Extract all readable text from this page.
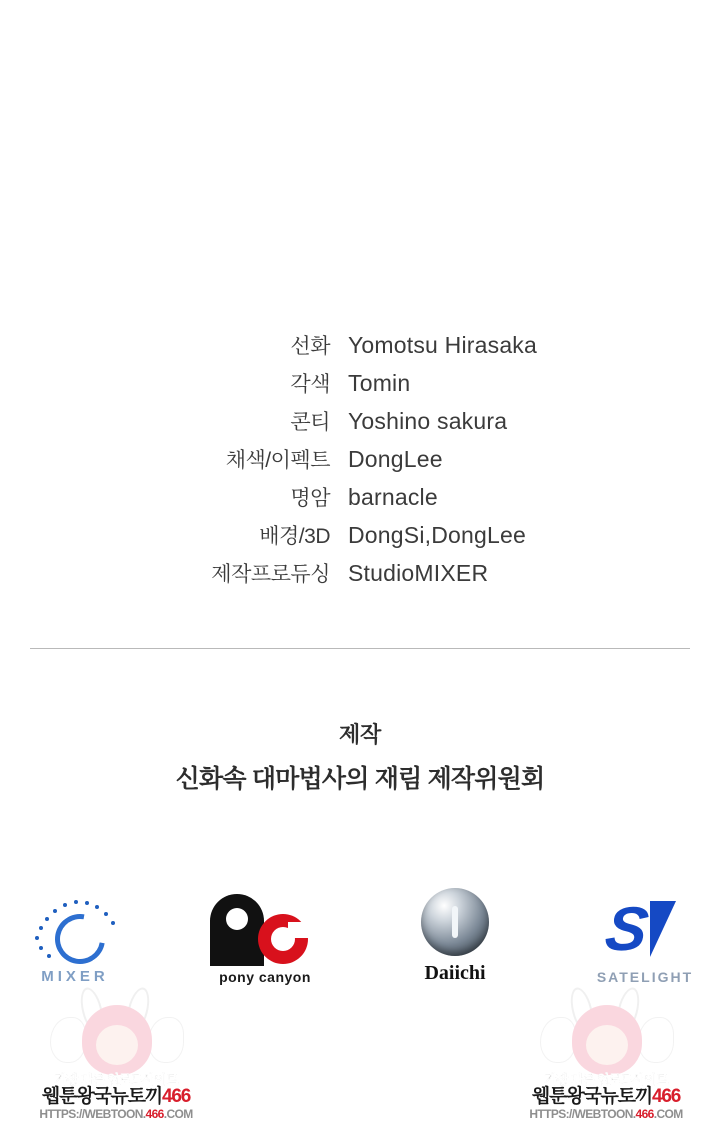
선화 Yomotsu Hirasaka
각색 Tomin
콘티 Yoshino sakura
채색/이펙트 DongLee
명암 barnacle
배경/3D DongSi,DongLee
제작프로듀싱 StudioMIXER
제작
신화속 대마법사의 재림 제작위원회
MIXER	pony canyon	Daiichi
S
SATELIGHT
가장 빠른 업로드사이트
웹툰왕국뉴토끼466
HTTPS://WEBTOON.466.COM
가장 빠른 업로드사이트
웹툰왕국뉴토끼466
HTTPS://WEBTOON.466.COM
